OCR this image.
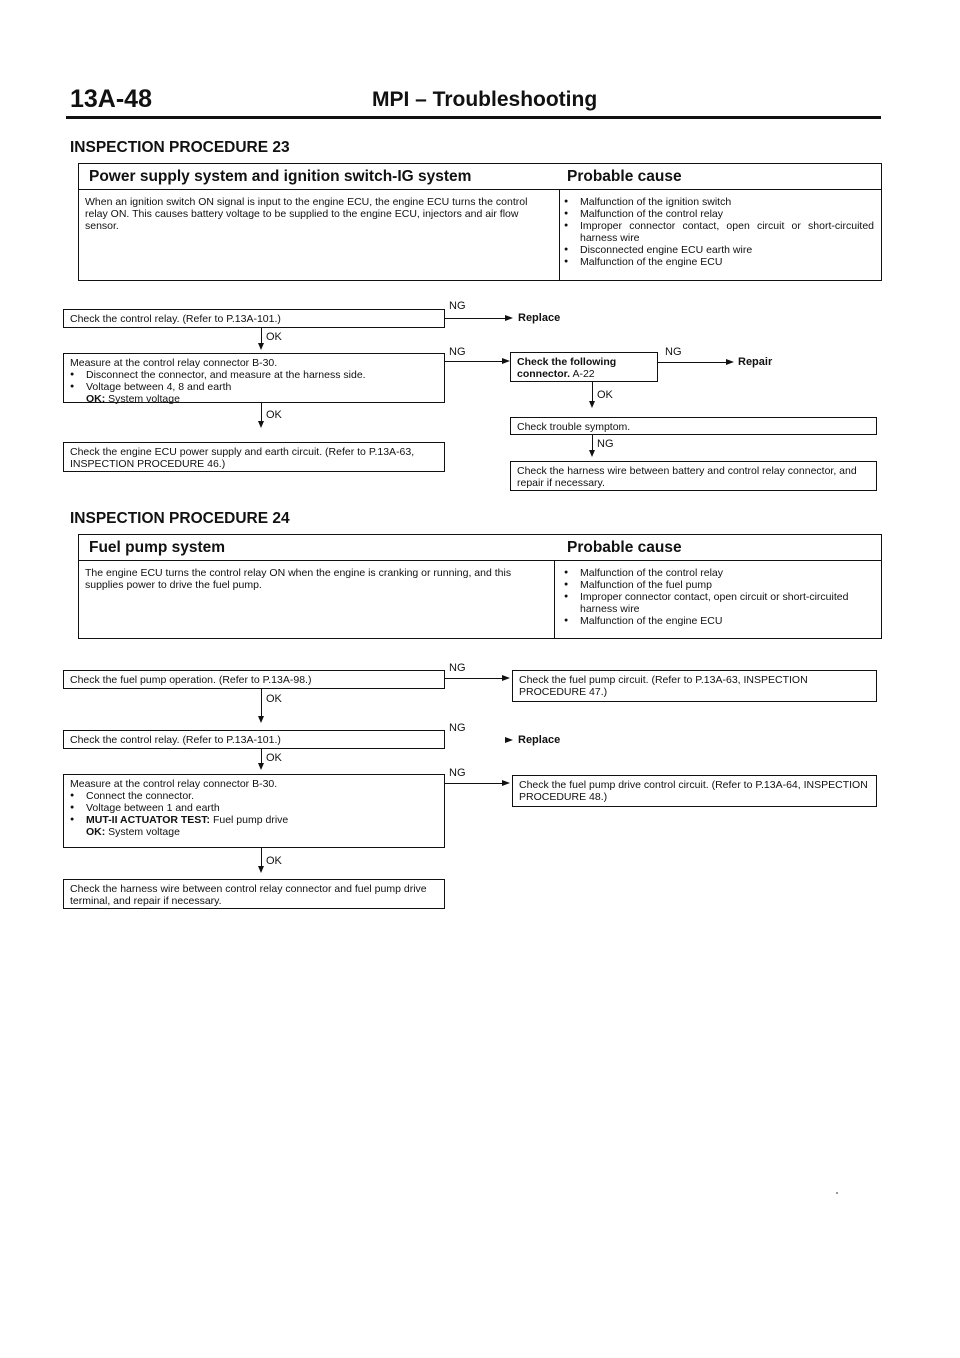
13A-48	MPI – Troubleshooting
INSPECTION PROCEDURE 23
Power supply system and ignition switch-IG system	Probable cause
When an ignition switch ON signal is input to the engine ECU, the engine ECU turns the control relay ON. This causes battery voltage to be supplied to the engine ECU, injectors and air flow sensor.
● Malfunction of the ignition switch
● Malfunction of the control relay
● Improper connector contact, open circuit or short-circuited harness wire
● Disconnected engine ECU earth wire
● Malfunction of the engine ECU
Check the control relay. (Refer to P.13A-101.)
NG
Replace
OK
Measure at the control relay connector B-30.
● Disconnect the connector, and measure at the harness side.
● Voltage between 4, 8 and earth
OK: System voltage
NG
OK
Check the engine ECU power supply and earth circuit. (Refer to P.13A-63, INSPECTION PROCEDURE 46.)
Check the following connector. A-22
NG
Repair
OK
Check trouble symptom.
NG
Check the harness wire between battery and control relay connector, and repair if necessary.
INSPECTION PROCEDURE 24
Fuel pump system	Probable cause
The engine ECU turns the control relay ON when the engine is cranking or running, and this supplies power to drive the fuel pump.
● Malfunction of the control relay
● Malfunction of the fuel pump
● Improper connector contact, open circuit or short-circuited harness wire
● Malfunction of the engine ECU
Check the fuel pump operation. (Refer to P.13A-98.)
NG
Check the fuel pump circuit. (Refer to P.13A-63, INSPECTION PROCEDURE 47.)
OK
Check the control relay. (Refer to P.13A-101.)
NG
Replace
OK
Measure at the control relay connector B-30.
● Connect the connector.
● Voltage between 1 and earth
● MUT-II ACTUATOR TEST: Fuel pump drive
OK: System voltage
NG
Check the fuel pump drive control circuit. (Refer to P.13A-64, INSPECTION PROCEDURE 48.)
OK
Check the harness wire between control relay connector and fuel pump drive terminal, and repair if necessary.
